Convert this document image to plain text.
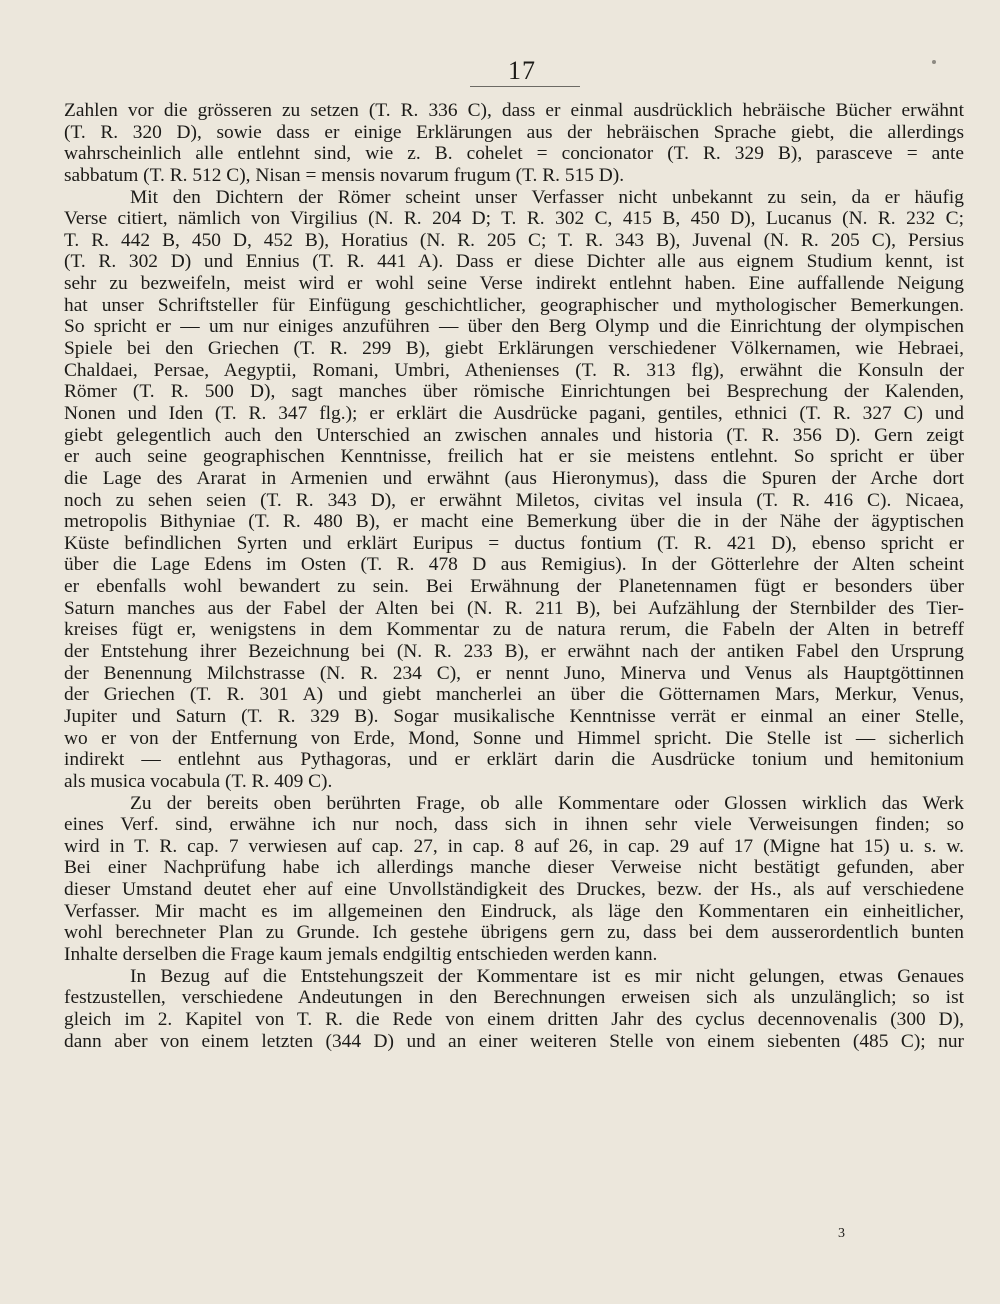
17
Zahlen vor die grösseren zu setzen (T. R. 336 C), dass er einmal ausdrücklich hebräische Bücher erwähnt
(T. R. 320 D), sowie dass er einige Erklärungen aus der hebräischen Sprache giebt, die allerdings
wahrscheinlich alle entlehnt sind, wie z. B. cohelet = concionator (T. R. 329 B), parasceve = ante
sabbatum (T. R. 512 C), Nisan = mensis novarum frugum (T. R. 515 D).
Mit den Dichtern der Römer scheint unser Verfasser nicht unbekannt zu sein, da er häufig
Verse citiert, nämlich von Virgilius (N. R. 204 D; T. R. 302 C, 415 B, 450 D), Lucanus (N. R. 232 C;
T. R. 442 B, 450 D, 452 B), Horatius (N. R. 205 C; T. R. 343 B), Juvenal (N. R. 205 C), Persius
(T. R. 302 D) und Ennius (T. R. 441 A). Dass er diese Dichter alle aus eignem Studium kennt, ist
sehr zu bezweifeln, meist wird er wohl seine Verse indirekt entlehnt haben. Eine auffallende Neigung
hat unser Schriftsteller für Einfügung geschichtlicher, geographischer und mythologischer Bemerkungen.
So spricht er — um nur einiges anzuführen — über den Berg Olymp und die Einrichtung der olympischen
Spiele bei den Griechen (T. R. 299 B), giebt Erklärungen verschiedener Völkernamen, wie Hebraei,
Chaldaei, Persae, Aegyptii, Romani, Umbri, Athenienses (T. R. 313 flg), erwähnt die Konsuln der
Römer (T. R. 500 D), sagt manches über römische Einrichtungen bei Besprechung der Kalenden,
Nonen und Iden (T. R. 347 flg.); er erklärt die Ausdrücke pagani, gentiles, ethnici (T. R. 327 C) und
giebt gelegentlich auch den Unterschied an zwischen annales und historia (T. R. 356 D). Gern zeigt
er auch seine geographischen Kenntnisse, freilich hat er sie meistens entlehnt. So spricht er über
die Lage des Ararat in Armenien und erwähnt (aus Hieronymus), dass die Spuren der Arche dort
noch zu sehen seien (T. R. 343 D), er erwähnt Miletos, civitas vel insula (T. R. 416 C). Nicaea,
metropolis Bithyniae (T. R. 480 B), er macht eine Bemerkung über die in der Nähe der ägyptischen
Küste befindlichen Syrten und erklärt Euripus = ductus fontium (T. R. 421 D), ebenso spricht er
über die Lage Edens im Osten (T. R. 478 D aus Remigius). In der Götterlehre der Alten scheint
er ebenfalls wohl bewandert zu sein. Bei Erwähnung der Planetennamen fügt er besonders über
Saturn manches aus der Fabel der Alten bei (N. R. 211 B), bei Aufzählung der Sternbilder des Tier-
kreises fügt er, wenigstens in dem Kommentar zu de natura rerum, die Fabeln der Alten in betreff
der Entstehung ihrer Bezeichnung bei (N. R. 233 B), er erwähnt nach der antiken Fabel den Ursprung
der Benennung Milchstrasse (N. R. 234 C), er nennt Juno, Minerva und Venus als Hauptgöttinnen
der Griechen (T. R. 301 A) und giebt mancherlei an über die Götternamen Mars, Merkur, Venus,
Jupiter und Saturn (T. R. 329 B). Sogar musikalische Kenntnisse verrät er einmal an einer Stelle,
wo er von der Entfernung von Erde, Mond, Sonne und Himmel spricht. Die Stelle ist — sicherlich
indirekt — entlehnt aus Pythagoras, und er erklärt darin die Ausdrücke tonium und hemitonium
als musica vocabula (T. R. 409 C).
Zu der bereits oben berührten Frage, ob alle Kommentare oder Glossen wirklich das Werk
eines Verf. sind, erwähne ich nur noch, dass sich in ihnen sehr viele Verweisungen finden; so
wird in T. R. cap. 7 verwiesen auf cap. 27, in cap. 8 auf 26, in cap. 29 auf 17 (Migne hat 15) u. s. w.
Bei einer Nachprüfung habe ich allerdings manche dieser Verweise nicht bestätigt gefunden, aber
dieser Umstand deutet eher auf eine Unvollständigkeit des Druckes, bezw. der Hs., als auf verschiedene
Verfasser. Mir macht es im allgemeinen den Eindruck, als läge den Kommentaren ein einheitlicher,
wohl berechneter Plan zu Grunde. Ich gestehe übrigens gern zu, dass bei dem ausserordentlich bunten
Inhalte derselben die Frage kaum jemals endgiltig entschieden werden kann.
In Bezug auf die Entstehungszeit der Kommentare ist es mir nicht gelungen, etwas Genaues
festzustellen, verschiedene Andeutungen in den Berechnungen erweisen sich als unzulänglich; so ist
gleich im 2. Kapitel von T. R. die Rede von einem dritten Jahr des cyclus decennovenalis (300 D),
dann aber von einem letzten (344 D) und an einer weiteren Stelle von einem siebenten (485 C); nur
3
